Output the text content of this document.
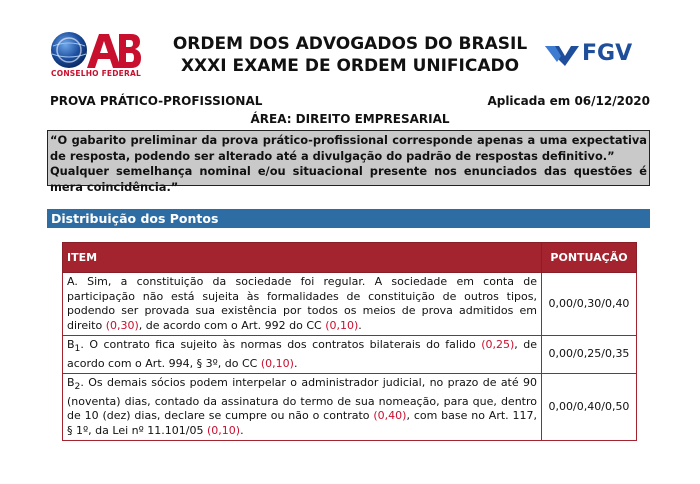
CONSELHO FEDERAL
ORDEM DOS ADVOGADOS DO BRASIL
XXXI EXAME DE ORDEM UNIFICADO	FGV
PROVA PRÁTICO-PROFISSIONAL	Aplicada em 06/12/2020
ÁREA: DIREITO EMPRESARIAL

“O gabarito preliminar da prova prático-profissional corresponde apenas a uma expectativa de resposta, podendo ser alterado até a divulgação do padrão de respostas definitivo.”

Qualquer semelhança nominal e/ou situacional presente nos enunciados das questões é mera coincidência.”

Distribuição dos Pontos
ITEM	PONTUAÇÃO
A. Sim, a constituição da sociedade foi regular. A sociedade em conta de participação não está sujeita às formalidades de constituição de outros tipos, podendo ser provada sua existência por todos os meios de prova admitidos em direito (0,30), de acordo com o Art. 992 do CC (0,10).	0,00/0,30/0,40
$B_1$. O contrato fica sujeito às normas dos contratos bilaterais do falido (0,25), de acordo com o Art. 994, § 3º, do CC (0,10).	0,00/0,25/0,35
$B_2$. Os demais sócios podem interpelar o administrador judicial, no prazo de até 90 (noventa) dias, contado da assinatura do termo de sua nomeação, para que, dentro de 10 (dez) dias, declare se cumpre ou não o contrato (0,40), com base no Art. 117, § 1º, da Lei nº 11.101/05 (0,10).	0,00/0,40/0,50
